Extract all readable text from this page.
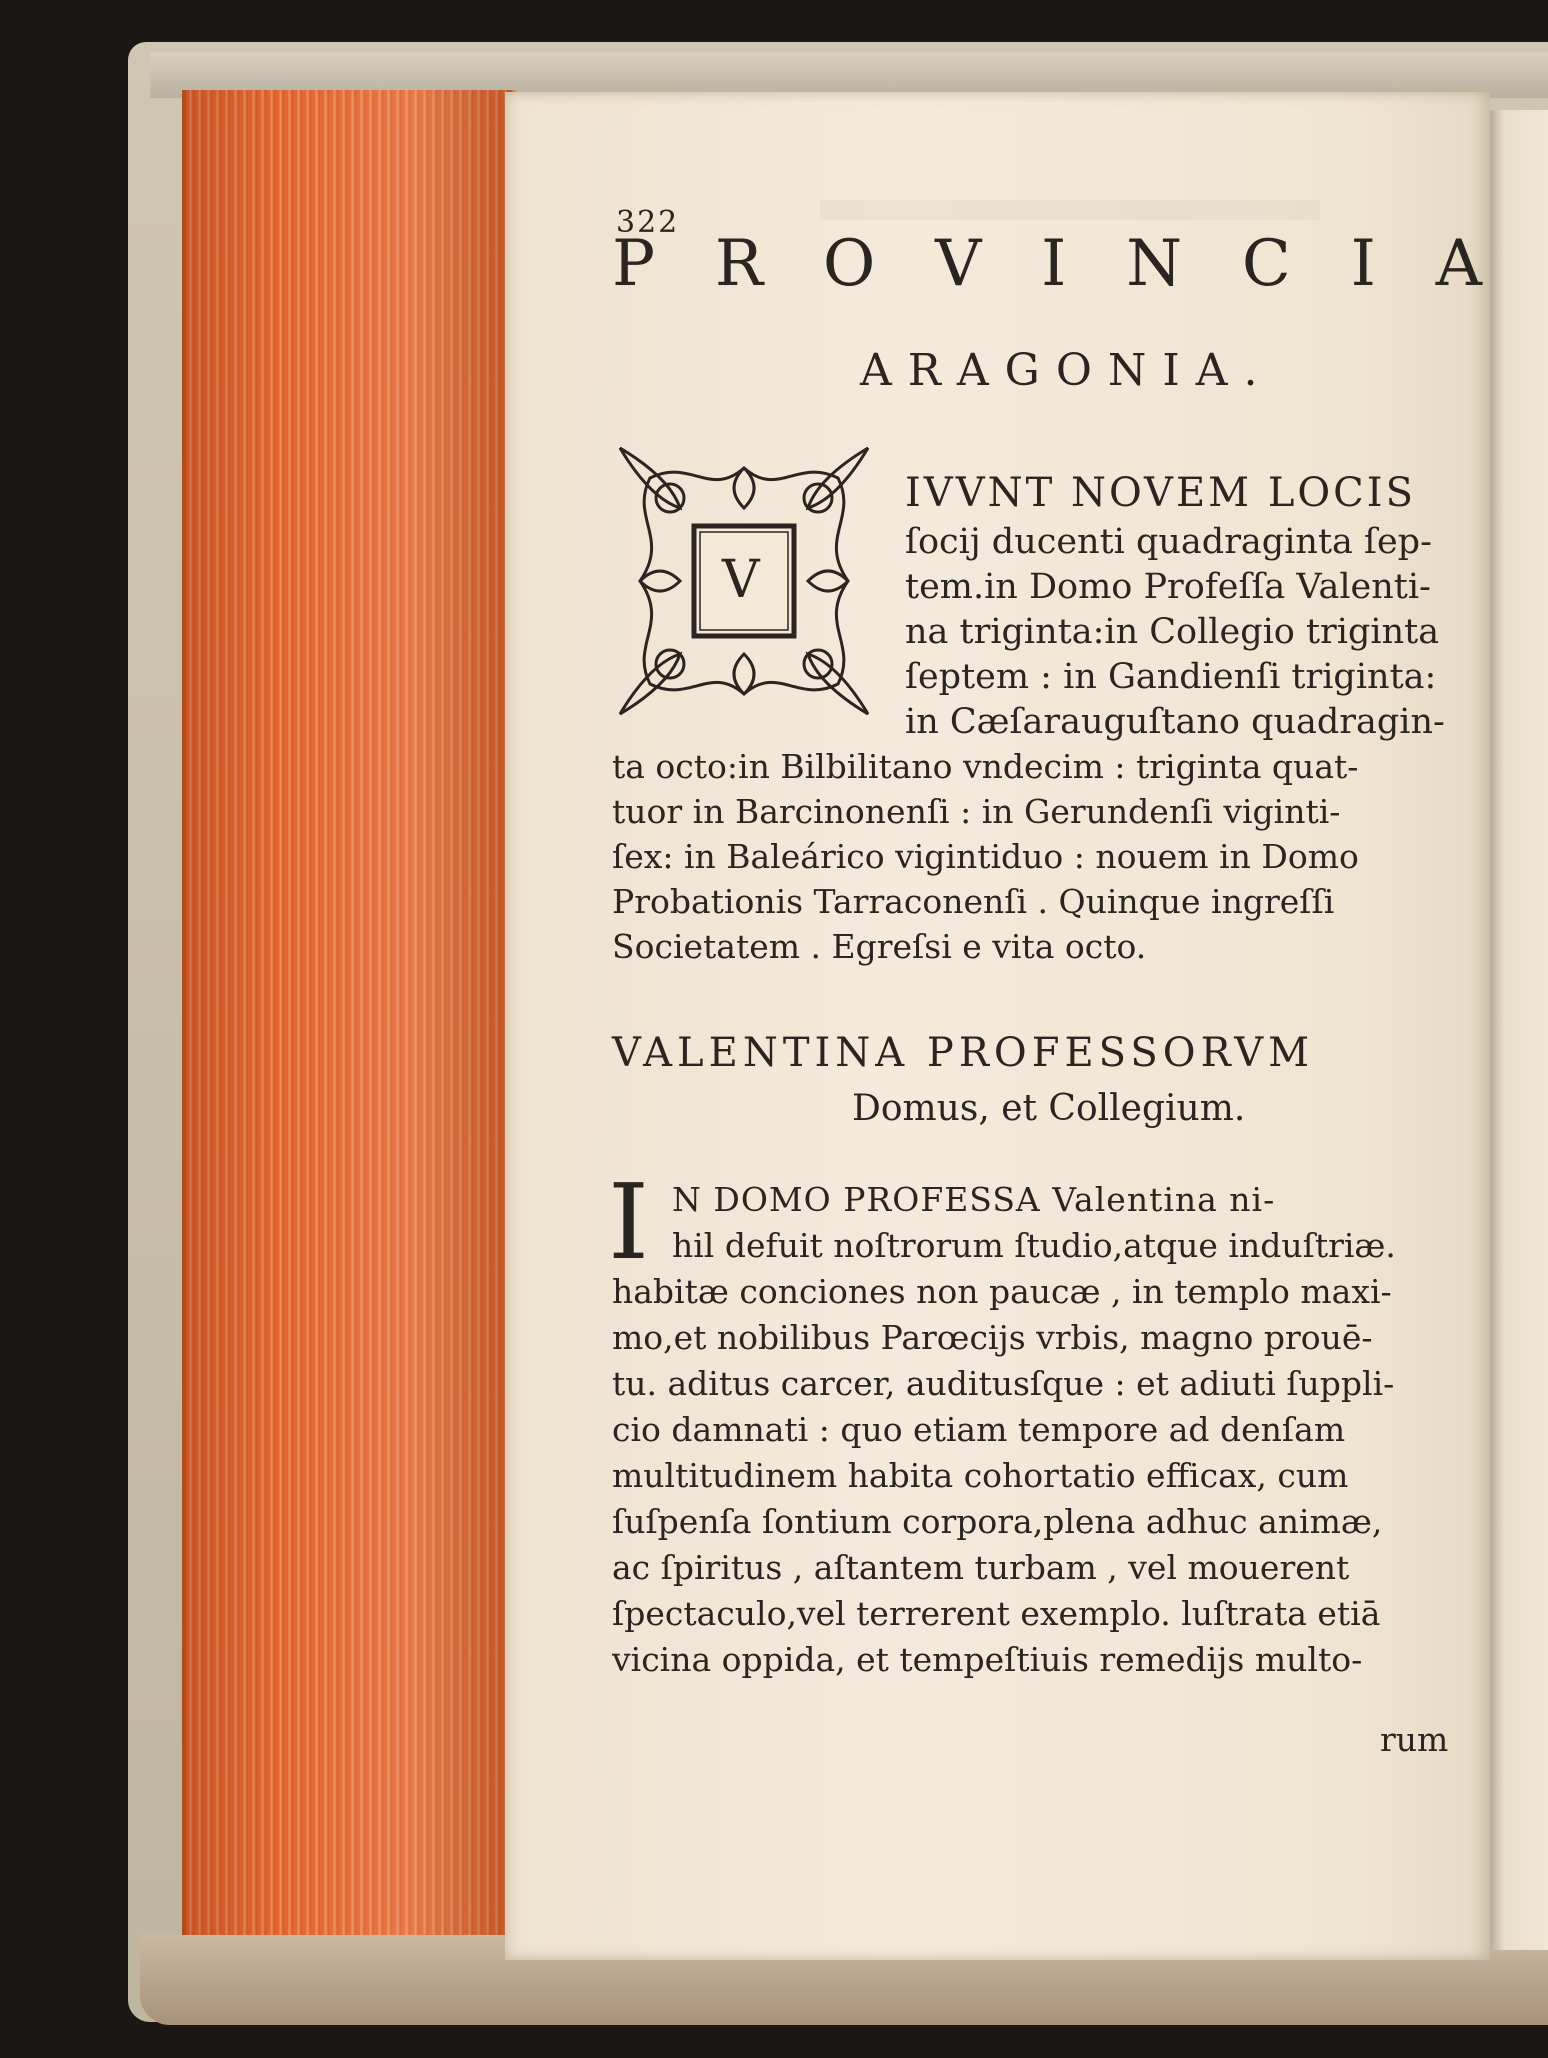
322
P R O V I N C I A
ARAGONIA.
V
IVVNT NOVEM LOCIS
ſocij ducenti quadraginta ſep-
tem.in Domo Profeſſa Valenti-
na triginta:in Collegio triginta
ſeptem : in Gandienſi triginta:
in Cæſarauguſtano quadragin-
ta octo:in Bilbilitano vndecim : triginta quat-
tuor in Barcinonenſi : in Gerundenſi viginti-
ſex: in Baleárico vigintiduo : nouem in Domo
Probationis Tarraconenſi . Quinque ingreſſi
Societatem . Egreſsi e vita octo.
VALENTINA PROFESSORVM
Domus, et Collegium.
I N DOMO PROFESSA Valentina ni-
hil defuit noſtrorum ſtudio,atque induſtriæ.
habitæ conciones non paucæ , in templo maxi-
mo,et nobilibus Parœcijs vrbis, magno prouē-
tu. aditus carcer, auditusſque : et adiuti ſuppli-
cio damnati : quo etiam tempore ad denſam
multitudinem habita cohortatio efficax, cum
ſuſpenſa ſontium corpora,plena adhuc animæ,
ac ſpiritus , aſtantem turbam , vel mouerent
ſpectaculo,vel terrerent exemplo. luſtrata etiā
vicina oppida, et tempeſtiuis remedijs multo-
rum
